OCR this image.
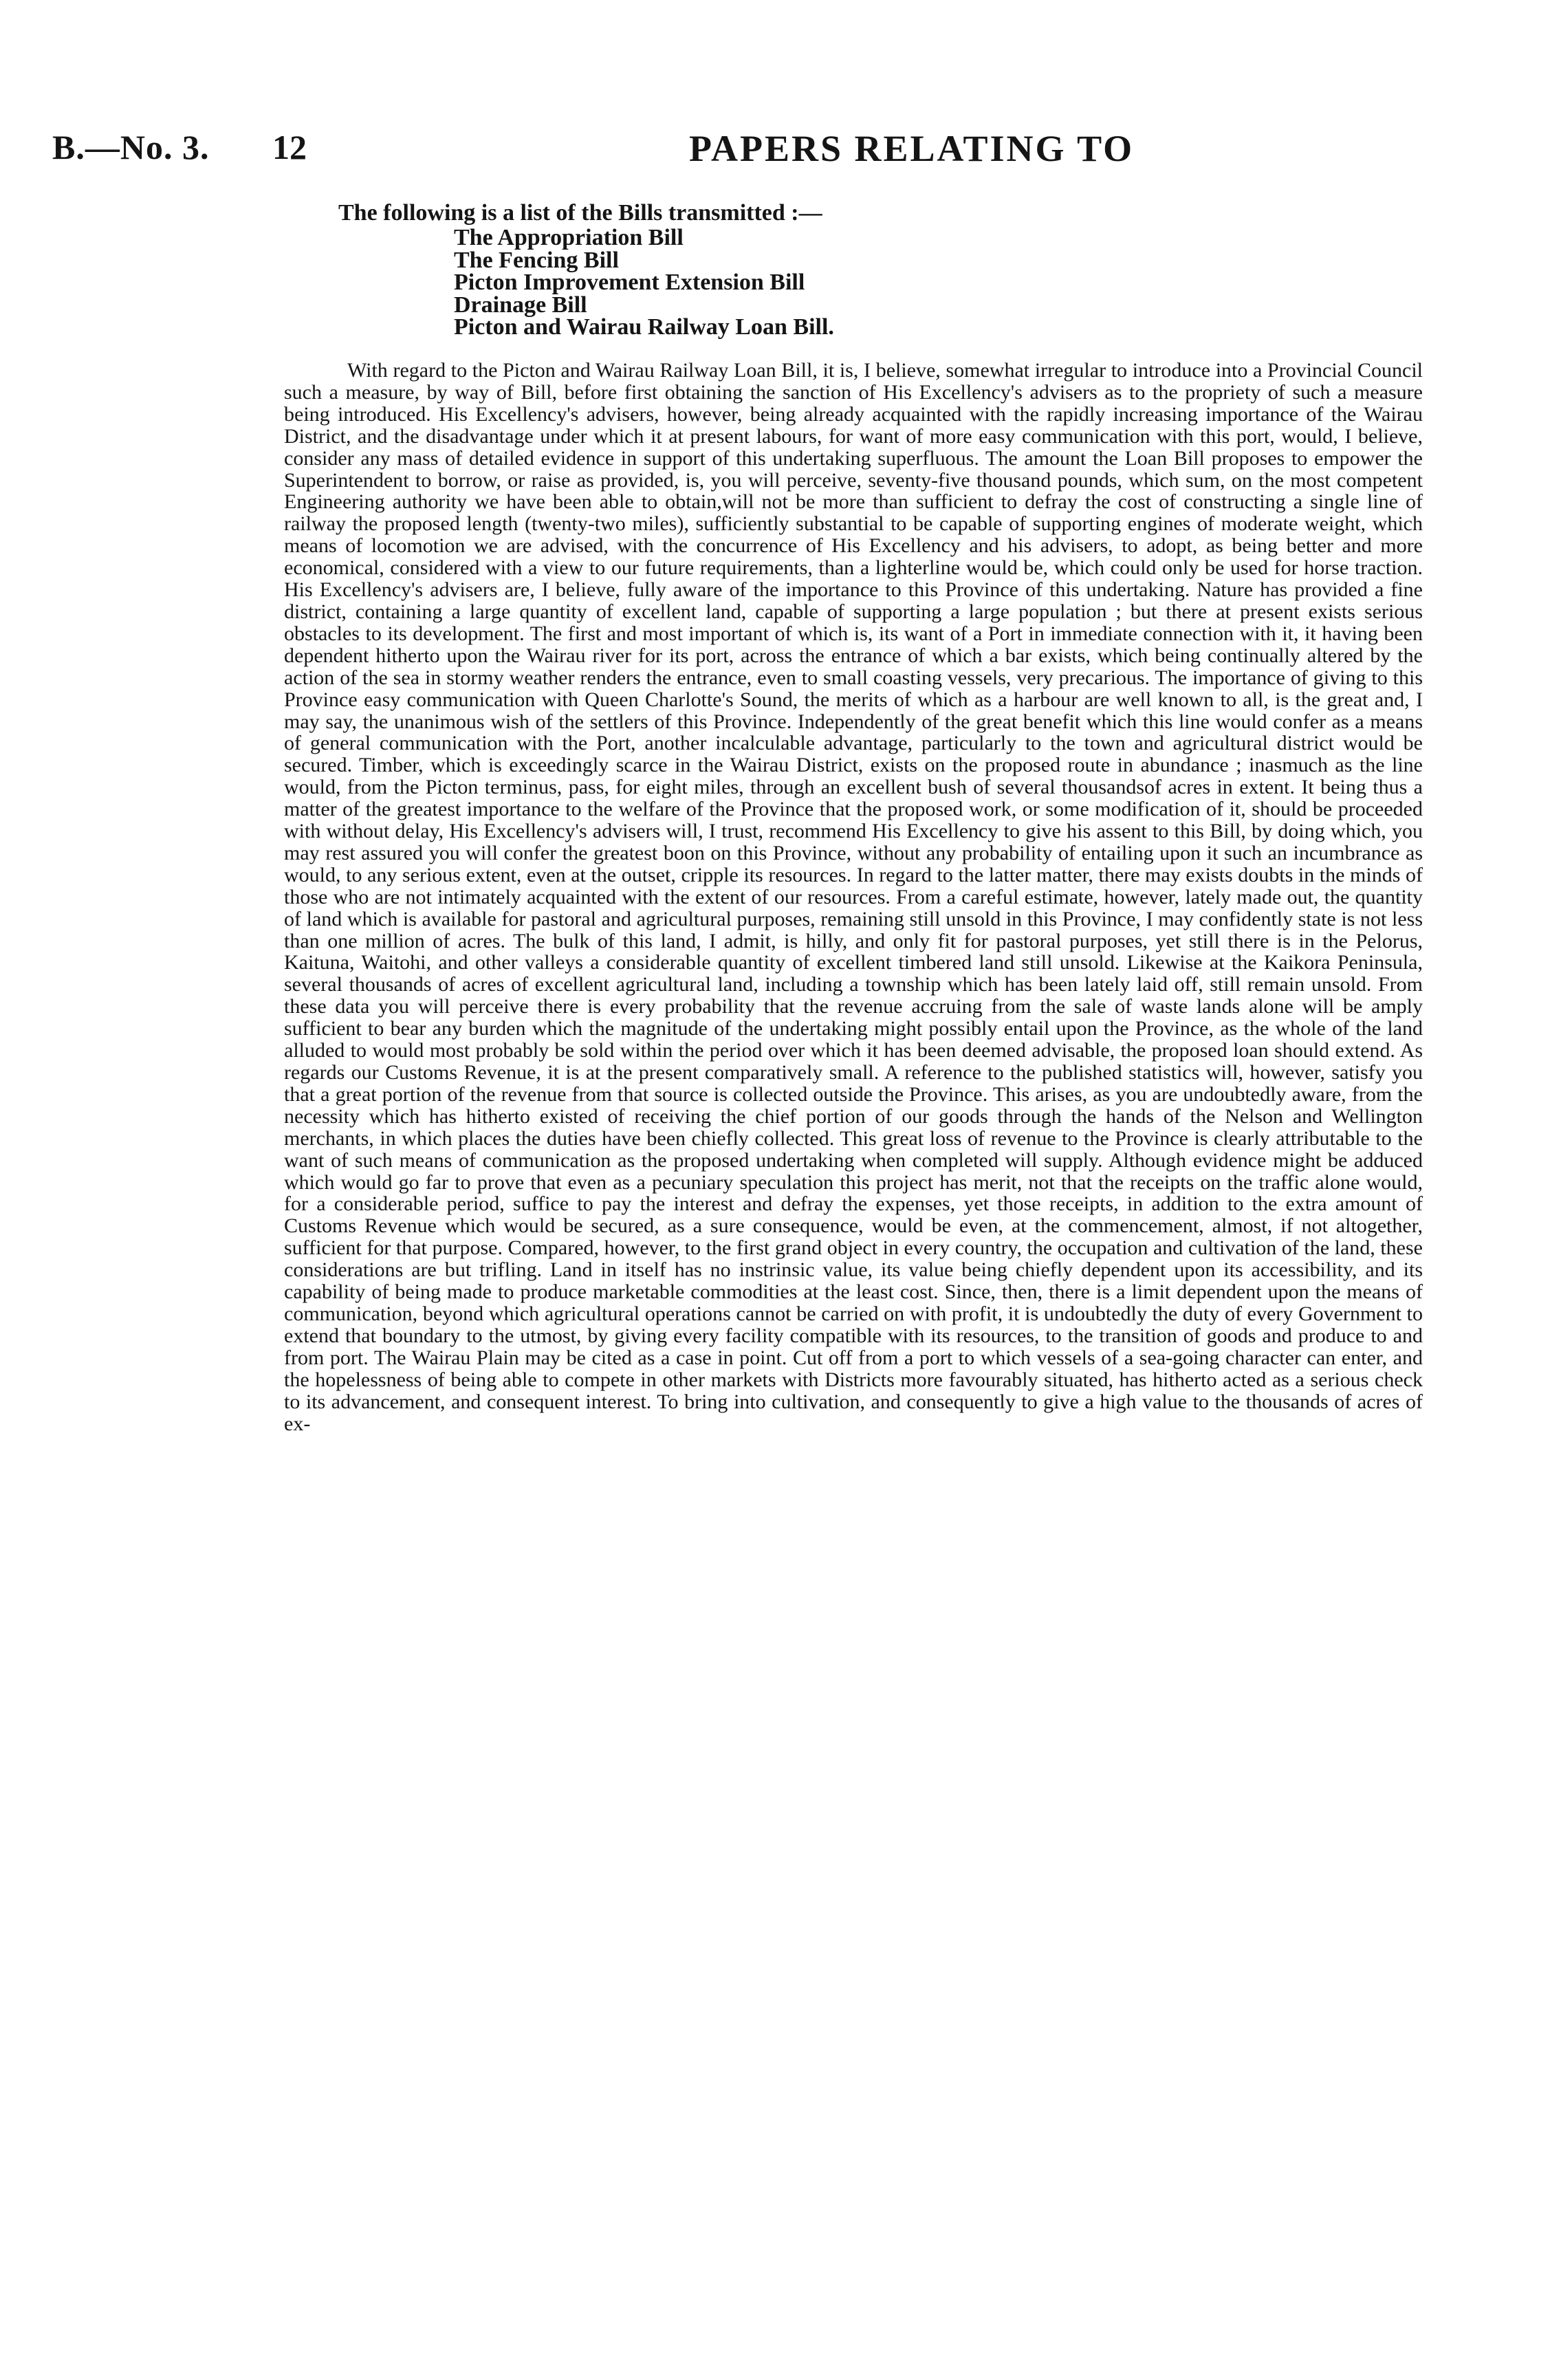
B.—No. 3. 12	PAPERS RELATING TO
The following is a list of the Bills transmitted :—
The Appropriation Bill
The Fencing Bill
Picton Improvement Extension Bill
Drainage Bill
Picton and Wairau Railway Loan Bill.

With regard to the Picton and Wairau Railway Loan Bill, it is, I believe, somewhat irregular to introduce into a Provincial Council such a measure, by way of Bill, before first obtaining the sanction of His Excellency's advisers as to the propriety of such a measure being introduced. His Excellency's advisers, however, being already acquainted with the rapidly increasing importance of the Wairau District, and the disadvantage under which it at present labours, for want of more easy communication with this port, would, I believe, consider any mass of detailed evidence in support of this undertaking superfluous. The amount the Loan Bill proposes to empower the Superintendent to borrow, or raise as provided, is, you will perceive, seventy-five thousand pounds, which sum, on the most competent Engineering authority we have been able to obtain,will not be more than sufficient to defray the cost of constructing a single line of railway the proposed length (twenty-two miles), sufficiently substantial to be capable of supporting engines of moderate weight, which means of locomotion we are advised, with the concurrence of His Excellency and his advisers, to adopt, as being better and more economical, considered with a view to our future requirements, than a lighterline would be, which could only be used for horse traction. His Excellency's advisers are, I believe, fully aware of the importance to this Province of this undertaking. Nature has provided a fine district, containing a large quantity of excellent land, capable of supporting a large population ; but there at present exists serious obstacles to its development. The first and most important of which is, its want of a Port in immediate connection with it, it having been dependent hitherto upon the Wairau river for its port, across the entrance of which a bar exists, which being continually altered by the action of the sea in stormy weather renders the entrance, even to small coasting vessels, very precarious. The importance of giving to this Province easy communication with Queen Charlotte's Sound, the merits of which as a harbour are well known to all, is the great and, I may say, the unanimous wish of the settlers of this Province. Independently of the great benefit which this line would confer as a means of general communication with the Port, another incalculable advantage, particularly to the town and agricultural district would be secured. Timber, which is exceedingly scarce in the Wairau District, exists on the proposed route in abundance ; inasmuch as the line would, from the Picton terminus, pass, for eight miles, through an excellent bush of several thousandsof acres in extent. It being thus a matter of the greatest importance to the welfare of the Province that the proposed work, or some modification of it, should be proceeded with without delay, His Excellency's advisers will, I trust, recommend His Excellency to give his assent to this Bill, by doing which, you may rest assured you will confer the greatest boon on this Province, without any probability of entailing upon it such an incumbrance as would, to any serious extent, even at the outset, cripple its resources. In regard to the latter matter, there may exists doubts in the minds of those who are not intimately acquainted with the extent of our resources. From a careful estimate, however, lately made out, the quantity of land which is available for pastoral and agricultural purposes, remaining still unsold in this Province, I may confidently state is not less than one million of acres. The bulk of this land, I admit, is hilly, and only fit for pastoral purposes, yet still there is in the Pelorus, Kaituna, Waitohi, and other valleys a considerable quantity of excellent timbered land still unsold. Likewise at the Kaikora Peninsula, several thousands of acres of excellent agricultural land, including a township which has been lately laid off, still remain unsold. From these data you will perceive there is every probability that the revenue accruing from the sale of waste lands alone will be amply sufficient to bear any burden which the magnitude of the undertaking might possibly entail upon the Province, as the whole of the land alluded to would most probably be sold within the period over which it has been deemed advisable, the proposed loan should extend. As regards our Customs Revenue, it is at the present comparatively small. A reference to the published statistics will, however, satisfy you that a great portion of the revenue from that source is collected outside the Province. This arises, as you are undoubtedly aware, from the necessity which has hitherto existed of receiving the chief portion of our goods through the hands of the Nelson and Wellington merchants, in which places the duties have been chiefly collected. This great loss of revenue to the Province is clearly attributable to the want of such means of communication as the proposed undertaking when completed will supply. Although evidence might be adduced which would go far to prove that even as a pecuniary speculation this project has merit, not that the receipts on the traffic alone would, for a considerable period, suffice to pay the interest and defray the expenses, yet those receipts, in addition to the extra amount of Customs Revenue which would be secured, as a sure consequence, would be even, at the commencement, almost, if not altogether, sufficient for that purpose. Compared, however, to the first grand object in every country, the occupation and cultivation of the land, these considerations are but trifling. Land in itself has no instrinsic value, its value being chiefly dependent upon its accessibility, and its capability of being made to produce marketable commodities at the least cost. Since, then, there is a limit dependent upon the means of communication, beyond which agricultural operations cannot be carried on with profit, it is undoubtedly the duty of every Government to extend that boundary to the utmost, by giving every facility compatible with its resources, to the transition of goods and produce to and from port. The Wairau Plain may be cited as a case in point. Cut off from a port to which vessels of a sea-going character can enter, and the hopelessness of being able to compete in other markets with Districts more favourably situated, has hitherto acted as a serious check to its advancement, and consequent interest. To bring into cultivation, and consequently to give a high value to the thousands of acres of ex-
